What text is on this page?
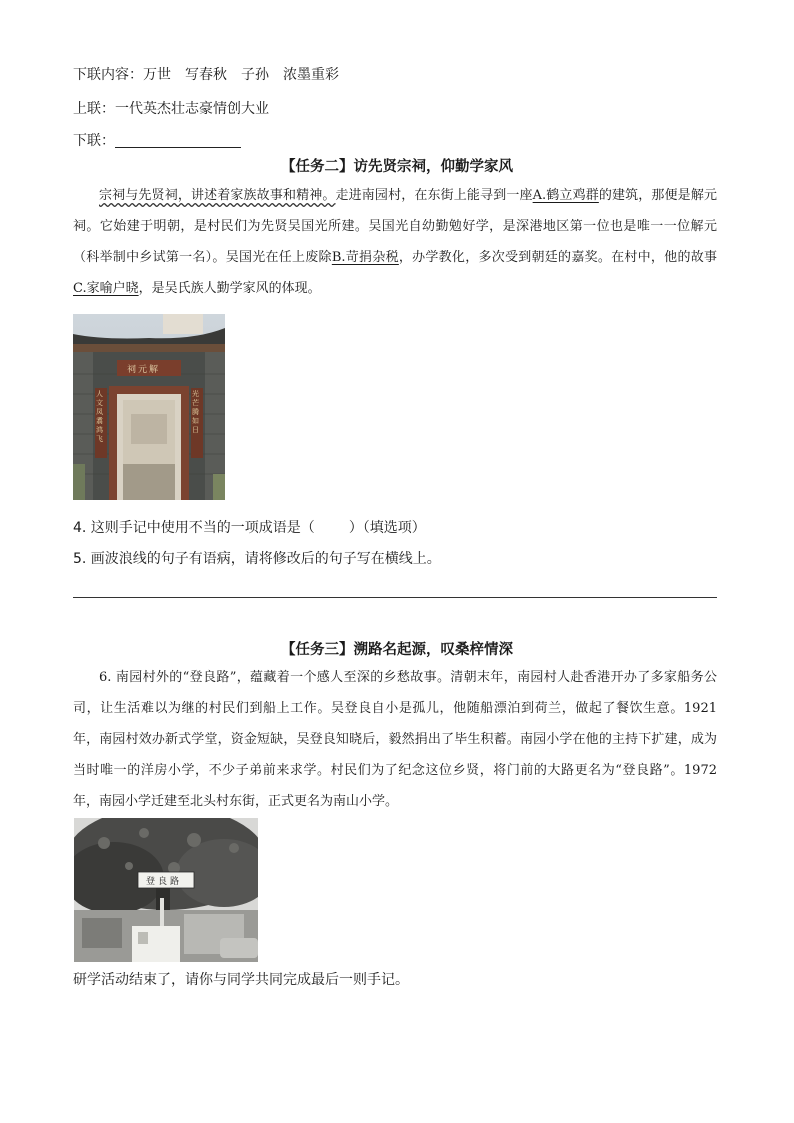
下联内容：万世 写春秋 子孙 浓墨重彩
上联：一代英杰壮志豪情创大业
下联：
【任务二】访先贤宗祠，仰勤学家风

宗祠与先贤祠，讲述着家族故事和精神。走进南园村，在东街上能寻到一座A.鹤立鸡群的建筑，那便是解元祠。它始建于明朝，是村民们为先贤吴国光所建。吴国光自幼勤勉好学，是深港地区第一位也是唯一一位解元（科举制中乡试第一名）。吴国光在任上废除B.苛捐杂税，办学教化，多次受到朝廷的嘉奖。在村中，他的故事C.家喻户晓，是吴氏族人勤学家风的体现。

祠元解
人文凤翥鸿飞
光芒腾如日
4. 这则手记中使用不当的一项成语是（ ）（填选项）
5. 画波浪线的句子有语病，请将修改后的句子写在横线上。
【任务三】溯路名起源，叹桑梓情深

6. 南园村外的“登良路”，蕴藏着一个感人至深的乡愁故事。清朝末年，南园村人赴香港开办了多家船务公司，让生活难以为继的村民们到船上工作。吴登良自小是孤儿，他随船漂泊到荷兰，做起了餐饮生意。1921年，南园村效办新式学堂，资金短缺，吴登良知晓后，毅然捐出了毕生积蓄。南园小学在他的主持下扩建，成为当时唯一的洋房小学，不少子弟前来求学。村民们为了纪念这位乡贤，将门前的大路更名为“登良路”。1972年，南园小学迁建至北头村东街，正式更名为南山小学。

登良路
研学活动结束了，请你与同学共同完成最后一则手记。
